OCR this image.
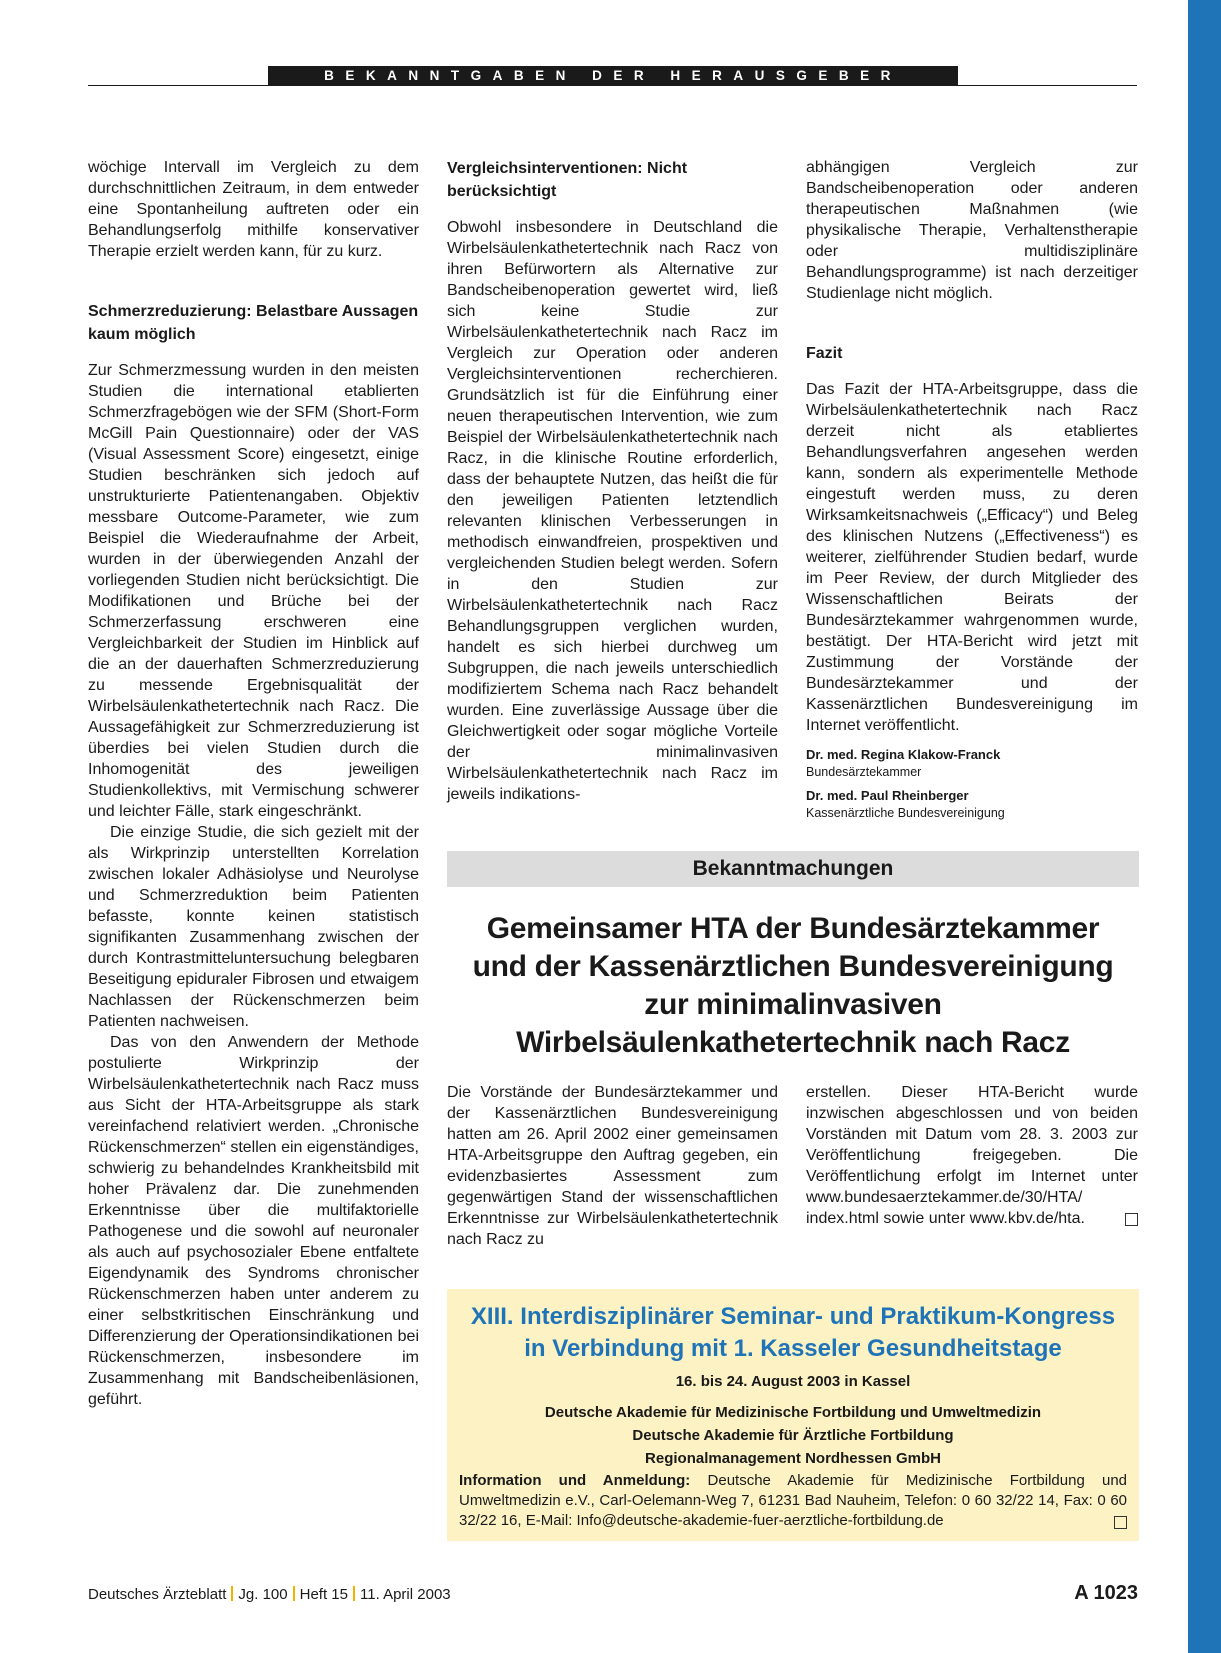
BEKANNTGABEN DER HERAUSGEBER

wöchige Intervall im Vergleich zu dem durchschnittlichen Zeitraum, in dem entweder eine Spontanheilung auftreten oder ein Behandlungserfolg mithilfe konservativer Therapie erzielt werden kann, für zu kurz.

Schmerzreduzierung: Belastbare Aussagen kaum möglich

Zur Schmerzmessung wurden in den meisten Studien die international etablierten Schmerzfragebögen wie der SFM (Short-Form McGill Pain Questionnaire) oder der VAS (Visual Assessment Score) eingesetzt, einige Studien beschränken sich jedoch auf unstrukturierte Patientenangaben. Objektiv messbare Outcome-Parameter, wie zum Beispiel die Wiederaufnahme der Arbeit, wurden in der überwiegenden Anzahl der vorliegenden Studien nicht berücksichtigt. Die Modifikationen und Brüche bei der Schmerzerfassung erschweren eine Vergleichbarkeit der Studien im Hinblick auf die an der dauerhaften Schmerzreduzierung zu messende Ergebnisqualität der Wirbelsäulenkathetertechnik nach Racz. Die Aussagefähigkeit zur Schmerzreduzierung ist überdies bei vielen Studien durch die Inhomogenität des jeweiligen Studienkollektivs, mit Vermischung schwerer und leichter Fälle, stark eingeschränkt.

Die einzige Studie, die sich gezielt mit der als Wirkprinzip unterstellten Korrelation zwischen lokaler Adhäsiolyse und Neurolyse und Schmerzreduktion beim Patienten befasste, konnte keinen statistisch signifikanten Zusammenhang zwischen der durch Kontrastmitteluntersuchung belegbaren Beseitigung epiduraler Fibrosen und etwaigem Nachlassen der Rückenschmerzen beim Patienten nachweisen.

Das von den Anwendern der Methode postulierte Wirkprinzip der Wirbelsäulenkathetertechnik nach Racz muss aus Sicht der HTA-Arbeitsgruppe als stark vereinfachend relativiert werden. „Chronische Rückenschmerzen“ stellen ein eigenständiges, schwierig zu behandelndes Krankheitsbild mit hoher Prävalenz dar. Die zunehmenden Erkenntnisse über die multifaktorielle Pathogenese und die sowohl auf neuronaler als auch auf psychosozialer Ebene entfaltete Eigendynamik des Syndroms chronischer Rückenschmerzen haben unter anderem zu einer selbstkritischen Einschränkung und Differenzierung der Operationsindikationen bei Rückenschmerzen, insbesondere im Zusammenhang mit Bandscheibenläsionen, geführt.

Vergleichsinterventionen: Nicht berücksichtigt

Obwohl insbesondere in Deutschland die Wirbelsäulenkathetertechnik nach Racz von ihren Befürwortern als Alternative zur Bandscheibenoperation gewertet wird, ließ sich keine Studie zur Wirbelsäulenkathetertechnik nach Racz im Vergleich zur Operation oder anderen Vergleichsinterventionen recherchieren. Grundsätzlich ist für die Einführung einer neuen therapeutischen Intervention, wie zum Beispiel der Wirbelsäulenkathetertechnik nach Racz, in die klinische Routine erforderlich, dass der behauptete Nutzen, das heißt die für den jeweiligen Patienten letztendlich relevanten klinischen Verbesserungen in methodisch einwandfreien, prospektiven und vergleichenden Studien belegt werden. Sofern in den Studien zur Wirbelsäulenkathetertechnik nach Racz Behandlungsgruppen verglichen wurden, handelt es sich hierbei durchweg um Subgruppen, die nach jeweils unterschiedlich modifiziertem Schema nach Racz behandelt wurden. Eine zuverlässige Aussage über die Gleichwertigkeit oder sogar mögliche Vorteile der minimalinvasiven Wirbelsäulenkathetertechnik nach Racz im jeweils indikations-

abhängigen Vergleich zur Bandscheibenoperation oder anderen therapeutischen Maßnahmen (wie physikalische Therapie, Verhaltenstherapie oder multidisziplinäre Behandlungsprogramme) ist nach derzeitiger Studienlage nicht möglich.

Fazit

Das Fazit der HTA-Arbeitsgruppe, dass die Wirbelsäulenkathetertechnik nach Racz derzeit nicht als etabliertes Behandlungsverfahren angesehen werden kann, sondern als experimentelle Methode eingestuft werden muss, zu deren Wirksamkeitsnachweis („Efficacy“) und Beleg des klinischen Nutzens („Effectiveness“) es weiterer, zielführender Studien bedarf, wurde im Peer Review, der durch Mitglieder des Wissenschaftlichen Beirats der Bundesärztekammer wahrgenommen wurde, bestätigt. Der HTA-Bericht wird jetzt mit Zustimmung der Vorstände der Bundesärztekammer und der Kassenärztlichen Bundesvereinigung im Internet veröffentlicht.

Dr. med. Regina Klakow-Franck

Bundesärztekammer

Dr. med. Paul Rheinberger

Kassenärztliche Bundesvereinigung

Bekanntmachungen
Gemeinsamer HTA der Bundesärztekammer
und der Kassenärztlichen Bundesvereinigung
zur minimalinvasiven
Wirbelsäulenkathetertechnik nach Racz

Die Vorstände der Bundesärztekammer und der Kassenärztlichen Bundesvereinigung hatten am 26. April 2002 einer gemeinsamen HTA-Arbeitsgruppe den Auftrag gegeben, ein evidenzbasiertes Assessment zum gegenwärtigen Stand der wissenschaftlichen Erkenntnisse zur Wirbelsäulenkathetertechnik nach Racz zu

erstellen. Dieser HTA-Bericht wurde inzwischen abgeschlossen und von beiden Vorständen mit Datum vom 28. 3. 2003 zur Veröffentlichung freigegeben. Die Veröffentlichung erfolgt im Internet unter www.bundesaerztekammer.de/30/HTA/ index.html sowie unter www.kbv.de/hta.

XIII. Interdisziplinärer Seminar- und Praktikum-Kongress
in Verbindung mit 1. Kasseler Gesundheitstage
16. bis 24. August 2003 in Kassel
Deutsche Akademie für Medizinische Fortbildung und Umweltmedizin
Deutsche Akademie für Ärztliche Fortbildung
Regionalmanagement Nordhessen GmbH
Information und Anmeldung: Deutsche Akademie für Medizinische Fortbildung und Umweltmedizin e.V., Carl-Oelemann-Weg 7, 61231 Bad Nauheim, Telefon: 0 60 32/22 14, Fax: 0 60 32/22 16, E-Mail: Info@deutsche-akademie-fuer-aerztliche-fortbildung.de
Deutsches Ärzteblatt Jg. 100 Heft 15 11. April 2003	A 1023
